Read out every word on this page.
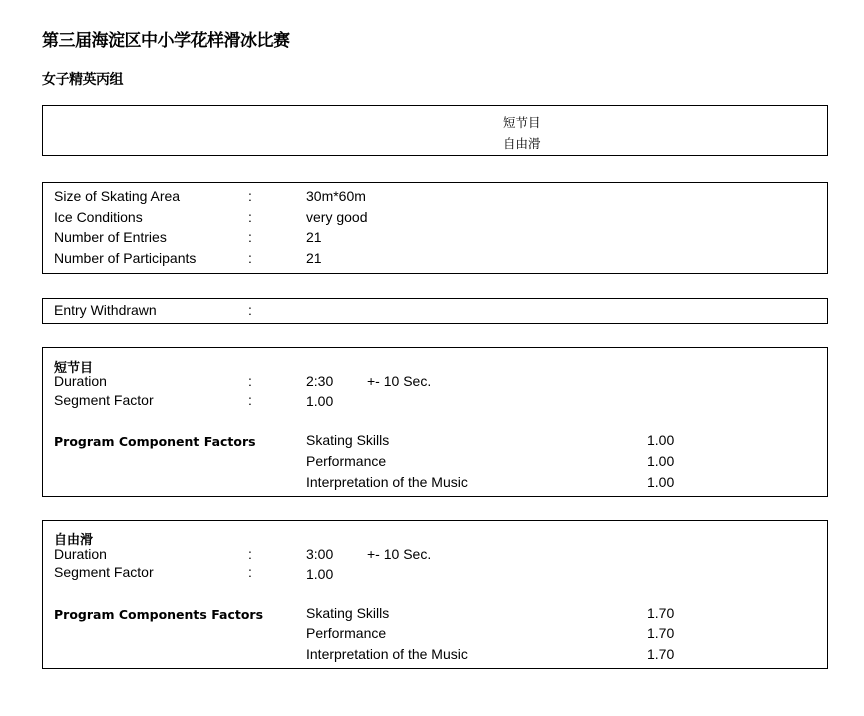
第三届海淀区中小学花样滑冰比赛
女子精英丙组
短节目
自由滑
Size of Skating Area	:	30m*60m
Ice Conditions	:	very good
Number of Entries	:	21
Number of Participants	:	21
Entry Withdrawn	:
短节目
Duration	:	2:30 +- 10 Sec.
Segment Factor	:	1.00
Program Component Factors	Skating Skills	1.00
Performance	1.00
Interpretation of the Music	1.00
自由滑
Duration	:	3:00 +- 10 Sec.
Segment Factor	:	1.00
Program Components Factors	Skating Skills	1.70
Performance	1.70
Interpretation of the Music	1.70
